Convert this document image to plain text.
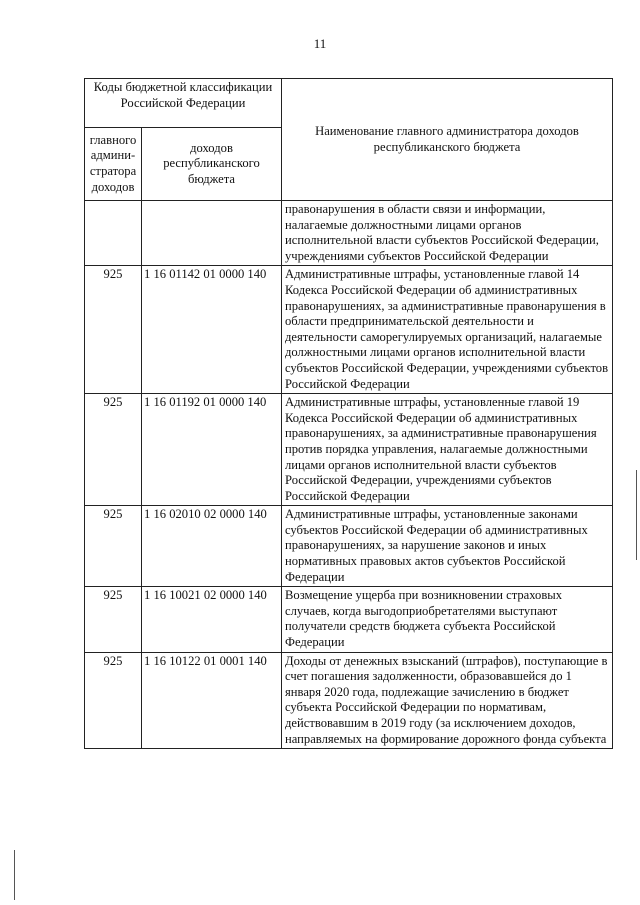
11
Коды бюджетной классификации Российской Федерации		Наименование главного администратора доходов республиканского бюджета
главного админи-стратора доходов	доходов республиканского бюджета	
		правонарушения в области связи и информации, налагаемые должностными лицами органов исполнительной власти субъектов Российской Федерации, учреждениями субъектов Российской Федерации
925	1 16 01142 01 0000 140	Административные штрафы, установленные главой 14 Кодекса Российской Федерации об административных правонарушениях, за административные правонарушения в области предпринимательской деятельности и деятельности саморегулируемых организаций, налагаемые должностными лицами органов исполнительной власти субъектов Российской Федерации, учреждениями субъектов Российской Федерации
925	1 16 01192 01 0000 140	Административные штрафы, установленные главой 19 Кодекса Российской Федерации об административных правонарушениях, за административные правонарушения против порядка управления, налагаемые должностными лицами органов исполнительной власти субъектов Российской Федерации, учреждениями субъектов Российской Федерации
925	1 16 02010 02 0000 140	Административные штрафы, установленные законами субъектов Российской Федерации об административных правонарушениях, за нарушение законов и иных нормативных правовых актов субъектов Российской Федерации
925	1 16 10021 02 0000 140	Возмещение ущерба при возникновении страховых случаев, когда выгодоприобретателями выступают получатели средств бюджета субъекта Российской Федерации
925	1 16 10122 01 0001 140	Доходы от денежных взысканий (штрафов), поступающие в счет погашения задолженности, образовавшейся до 1 января 2020 года, подлежащие зачислению в бюджет субъекта Российской Федерации по нормативам, действовавшим в 2019 году (за исключением доходов, направляемых на формирование дорожного фонда субъекта
